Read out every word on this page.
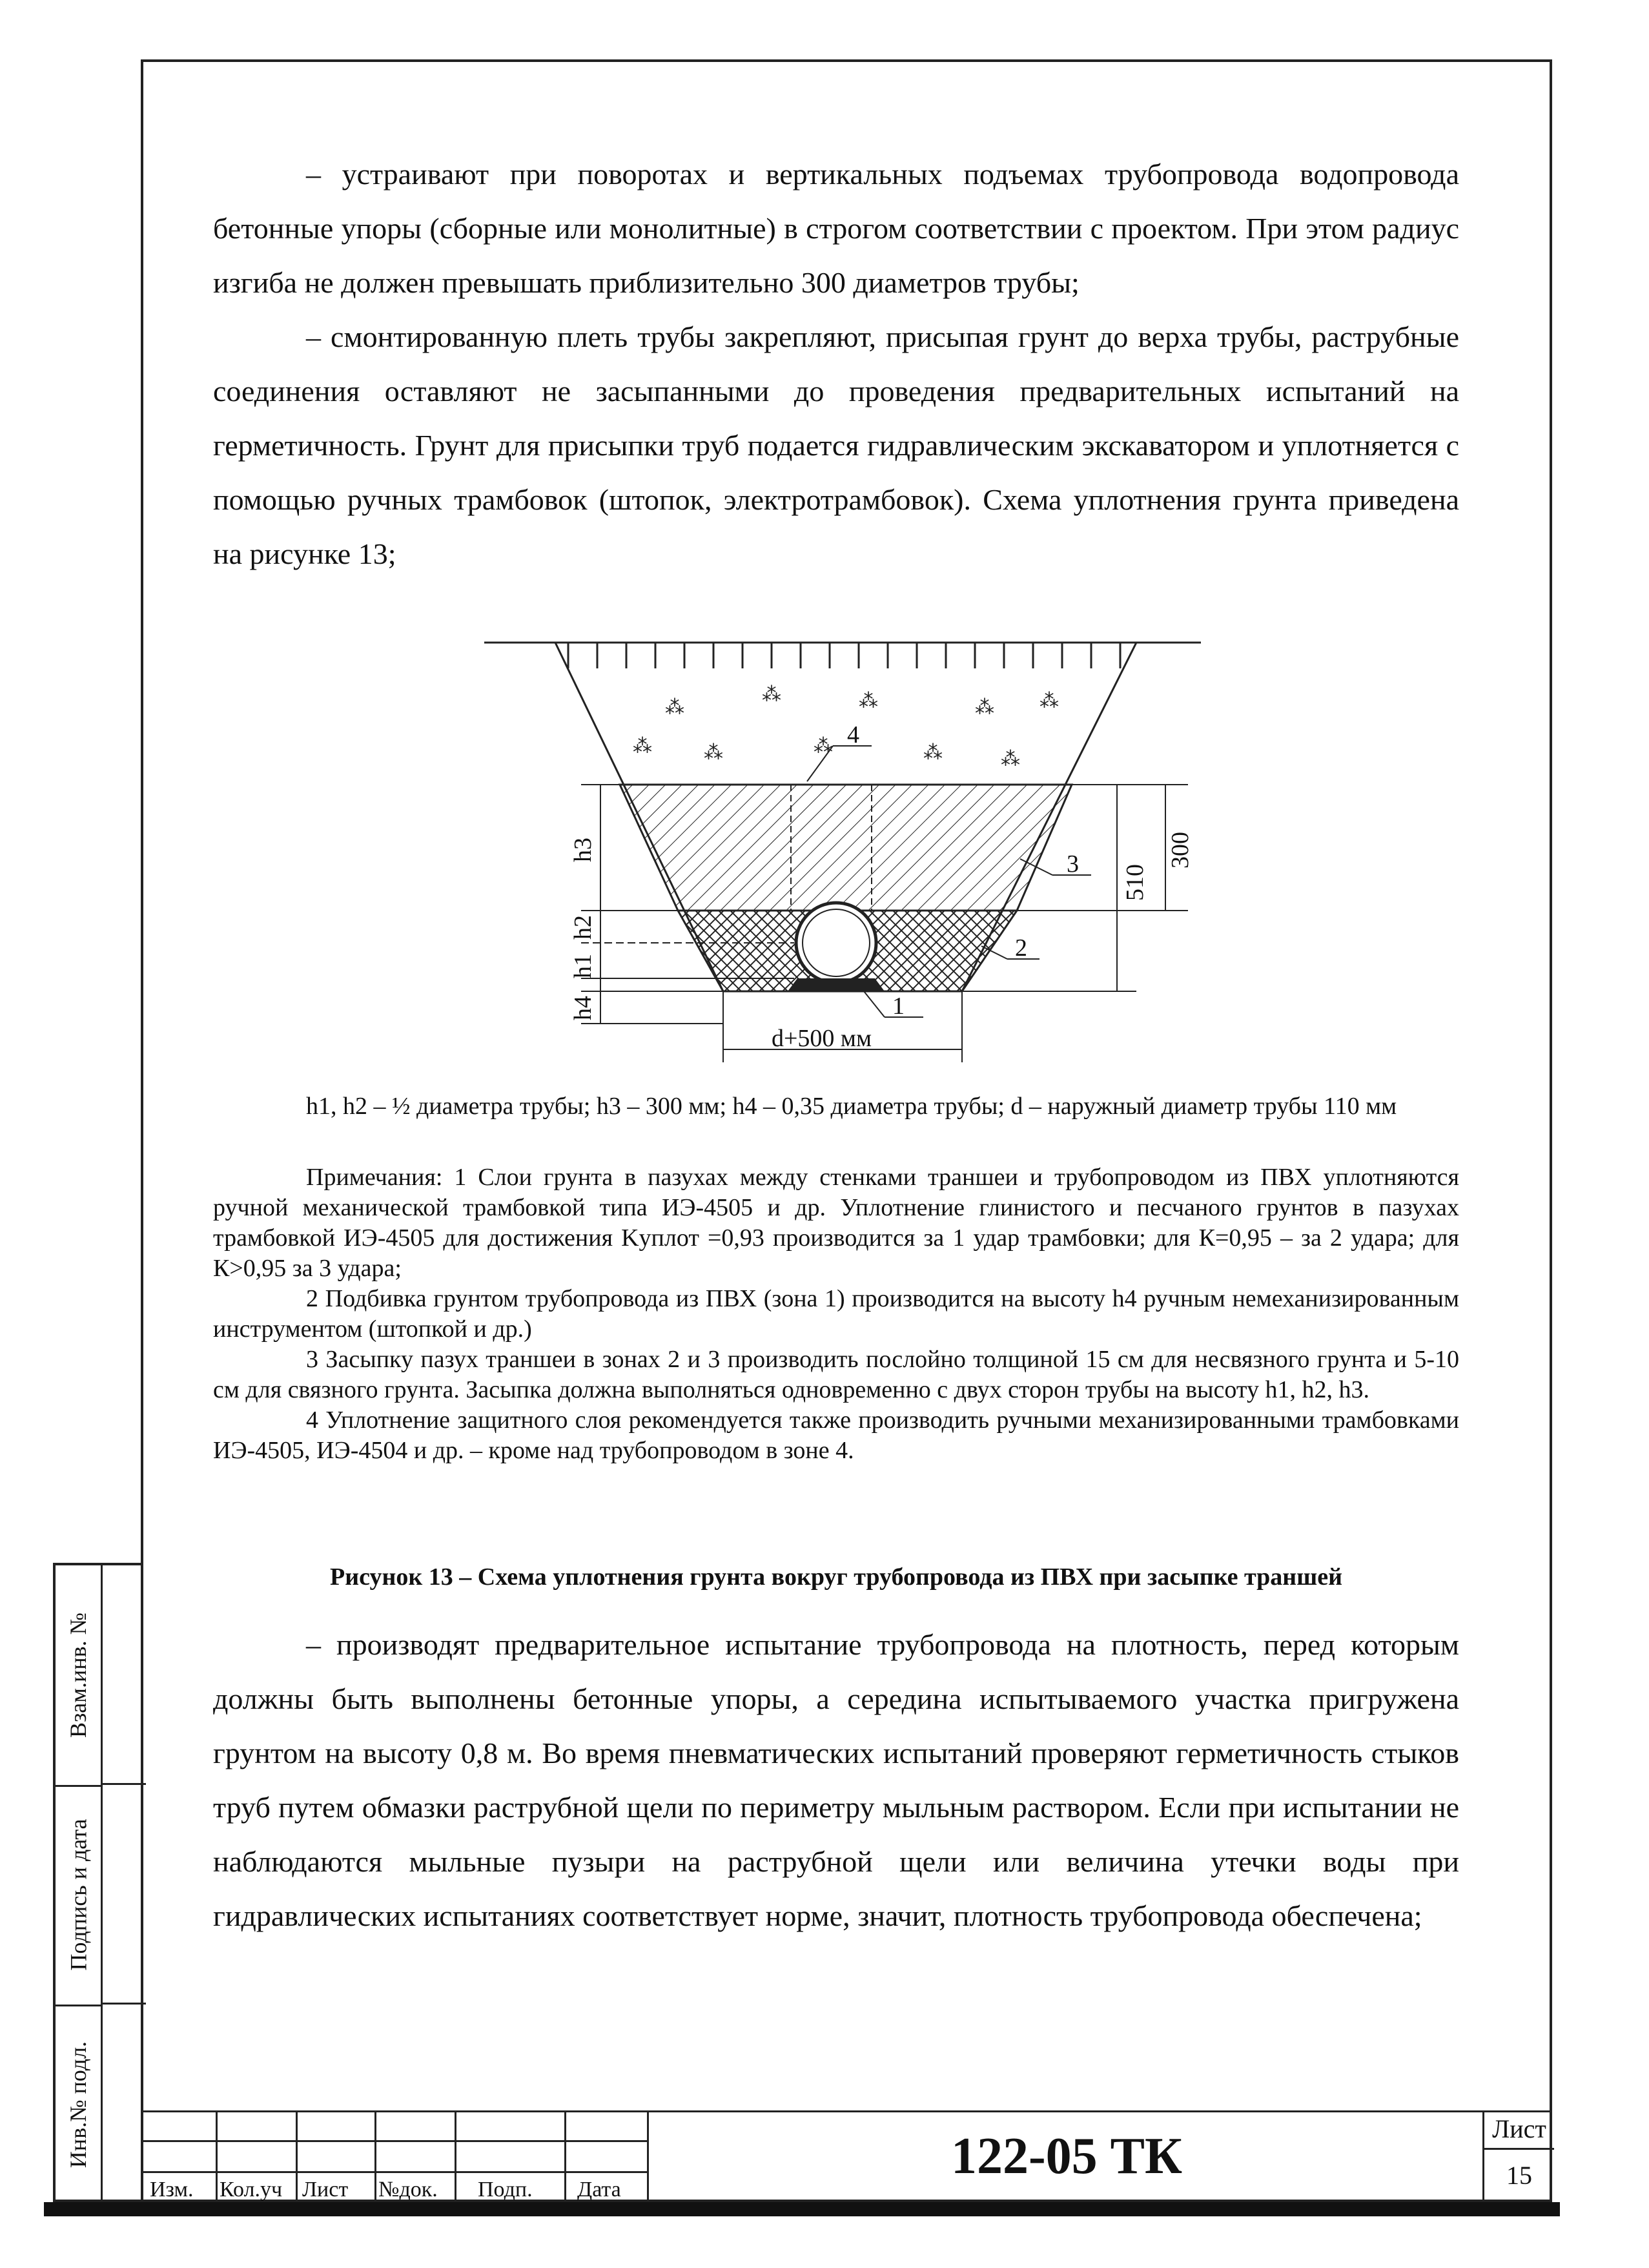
Взам.инв. №
Подпись и дата
Инв.№ подл.

– устраивают при поворотах и вертикальных подъемах трубопровода водопровода бетонные упоры (сборные или монолитные) в строгом соответствии с проектом. При этом радиус изгиба не должен превышать приблизительно 300 диаметров трубы;

– смонтированную плеть трубы закрепляют, присыпая грунт до верха трубы, раструбные соединения оставляют не засыпанными до проведения предварительных испытаний на герметичность. Грунт для присыпки труб подается гидравлическим экскаватором и уплотняется с помощью ручных трамбовок (штопок, электротрамбовок). Схема уплотнения грунта приведена на рисунке 13;

⁂
⁂	⁂	⁂ ⁂
⁂	⁂	⁂	⁂
⁂	4
3
2
1
510
300
h3
h2
h1
h4
d+500 мм

h1, h2 – ½ диаметра трубы; h3 – 300 мм; h4 – 0,35 диаметра трубы; d – наружный диаметр трубы 110 мм

Примечания: 1 Слои грунта в пазухах между стенками траншеи и трубопроводом из ПВХ уплотняются ручной механической трамбовкой типа ИЭ-4505 и др. Уплотнение глинистого и песчаного грунтов в пазухах трамбовкой ИЭ-4505 для достижения Kуплот =0,93 производится за 1 удар трамбовки; для К=0,95 – за 2 удара; для К>0,95 за 3 удара;

2 Подбивка грунтом трубопровода из ПВХ (зона 1) производится на высоту h4 ручным немеханизированным инструментом (штопкой и др.)

3 Засыпку пазух траншеи в зонах 2 и 3 производить послойно толщиной 15 см для несвязного грунта и 5-10 см для связного грунта. Засыпка должна выполняться одновременно с двух сторон трубы на высоту h1, h2, h3.

4 Уплотнение защитного слоя рекомендуется также производить ручными механизированными трамбовками ИЭ-4505, ИЭ-4504 и др. – кроме над трубопроводом в зоне 4.

Рисунок 13 – Схема уплотнения грунта вокруг трубопровода из ПВХ при засыпке траншей

– производят предварительное испытание трубопровода на плотность, перед которым должны быть выполнены бетонные упоры, а середина испытываемого участка пригружена грунтом на высоту 0,8 м. Во время пневматических испытаний проверяют герметичность стыков труб путем обмазки раструбной щели по периметру мыльным раствором. Если при испытании не наблюдаются мыльные пузыри на раструбной щели или величина утечки воды при гидравлических испытаниях соответствует норме, значит, плотность трубопровода обеспечена;

Изм. Кол.уч Лист №док. Подп. Дата
122-05 ТК	Лист
15
